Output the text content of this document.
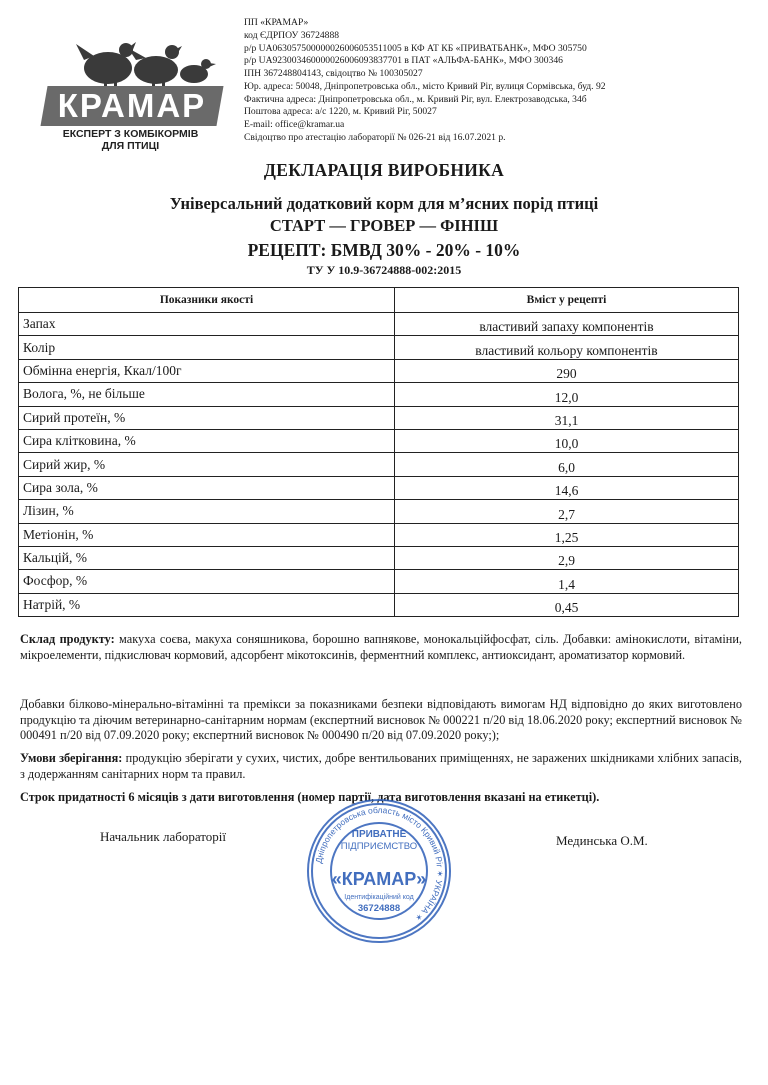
КРАМАР
ЕКСПЕРТ З КОМБІКОРМІВ
ДЛЯ ПТИЦІ
ПП «КРАМАР»
код ЄДРПОУ 36724888
р/р UA063057500000026006053511005 в КФ АТ КБ «ПРИВАТБАНК», МФО 305750
р/р UA923003460000026006093837701 в ПАТ «АЛЬФА-БАНК», МФО 300346
ІПН 367248804143, свідоцтво № 100305027
Юр. адреса: 50048, Дніпропетровська обл., місто Кривий Ріг, вулиця Сормівська, буд. 92
Фактична адреса: Дніпропетровська обл., м. Кривий Ріг, вул. Електрозаводська, 34б
Поштова адреса: а/с 1220, м. Кривий Ріг, 50027
E-mail: office@kramar.ua
Свідоцтво про атестацію лабораторії № 026-21 від 16.07.2021 р.
ДЕКЛАРАЦІЯ ВИРОБНИКА
Універсальний додатковий корм для м’ясних порід птиці
СТАРТ — ГРОВЕР — ФІНІШ
РЕЦЕПТ: БМВД 30% - 20% - 10%
ТУ У 10.9-36724888-002:2015
Показники якості	Вміст у рецепті
Запах	властивий запаху компонентів
Колір	властивий кольору компонентів
Обмінна енергія, Ккал/100г	290
Волога, %, не більше	12,0
Сирий протеїн, %	31,1
Сира клітковина, %	10,0
Сирий жир, %	6,0
Сира зола, %	14,6
Лізин, %	2,7
Метіонін, %	1,25
Кальцій, %	2,9
Фосфор, %	1,4
Натрій, %	0,45
Склад продукту: макуха соєва, макуха соняшникова, борошно вапнякове, монокальційфосфат, сіль. Добавки: амінокислоти, вітаміни, мікроелементи, підкислювач кормовий, адсорбент мікотоксинів, ферментний комплекс, антиоксидант, ароматизатор кормовий.
Добавки білково-мінерально-вітамінні та премікси за показниками безпеки відповідають вимогам НД відповідно до яких виготовлено продукцію та діючим ветеринарно-санітарним нормам (експертний висновок № 000221 п/20 від 18.06.2020 року; експертний висновок № 000491 п/20 від 07.09.2020 року; експертний висновок № 000490 п/20 від 07.09.2020 року;);
Умови зберігання: продукцію зберігати у сухих, чистих, добре вентильованих приміщеннях, не заражених шкідниками хлібних запасів, з додержанням санітарних норм та правил.
Строк придатності 6 місяців з дати виготовлення (номер партії, дата виготовлення вказані на етикетці).
Начальник лабораторії	Мединська О.М.
Дніпропетровська область місто Кривий Ріг ✶ УКРАЇНА ✶
ПРИВАТНЕ
ПІДПРИЄМСТВО
«КРАМАР»
Ідентифікаційний код
36724888
